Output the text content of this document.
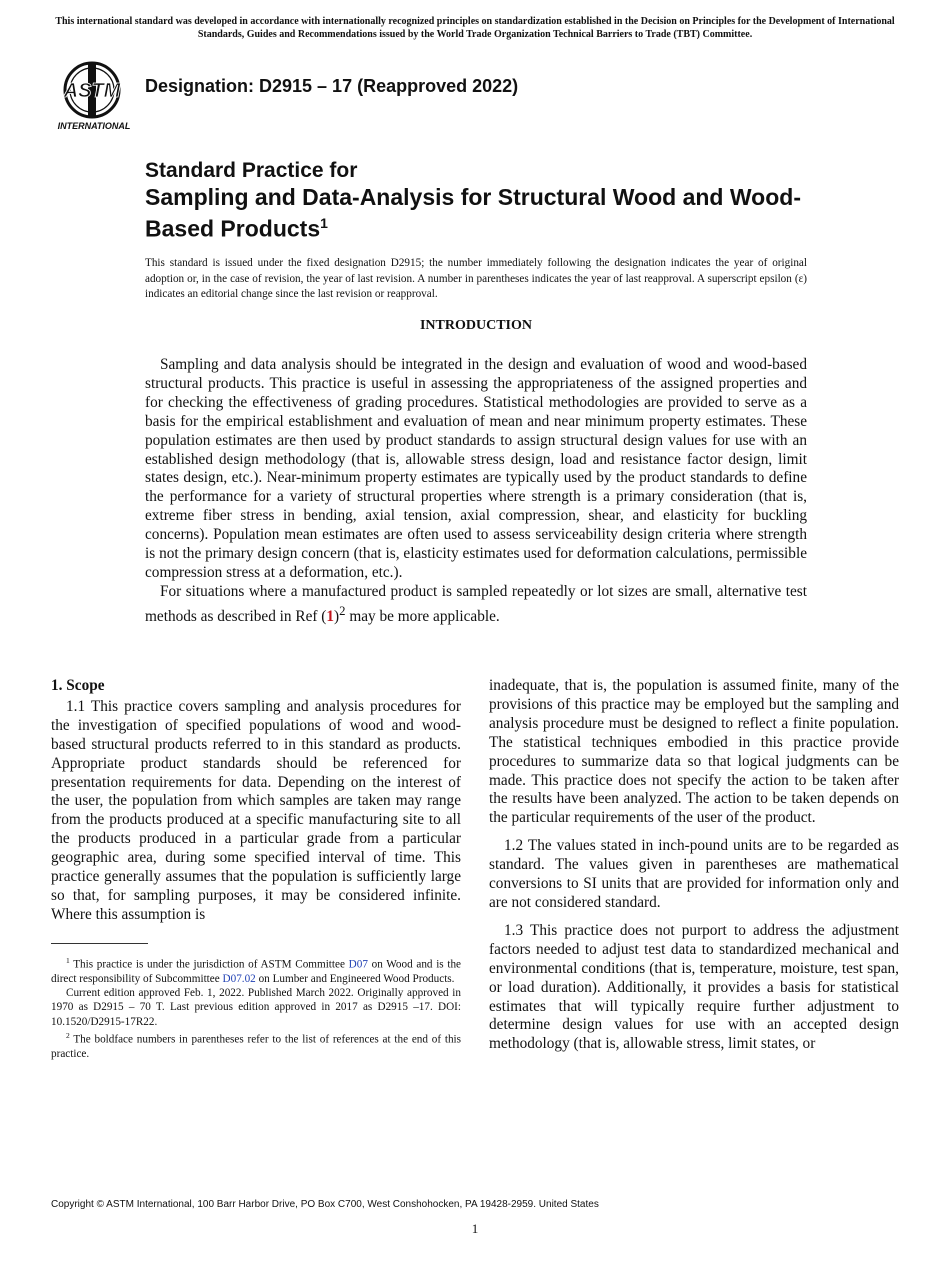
This international standard was developed in accordance with internationally recognized principles on standardization established in the Decision on Principles for the Development of International Standards, Guides and Recommendations issued by the World Trade Organization Technical Barriers to Trade (TBT) Committee.
ASTM
INTERNATIONAL
Designation: D2915 – 17 (Reapproved 2022)
Standard Practice for
Sampling and Data-Analysis for Structural Wood and Wood-Based Products$^1$
This standard is issued under the fixed designation D2915; the number immediately following the designation indicates the year of original adoption or, in the case of revision, the year of last revision. A number in parentheses indicates the year of last reapproval. A superscript epsilon (ε) indicates an editorial change since the last revision or reapproval.
INTRODUCTION

Sampling and data analysis should be integrated in the design and evaluation of wood and wood-based structural products. This practice is useful in assessing the appropriateness of the assigned properties and for checking the effectiveness of grading procedures. Statistical methodologies are provided to serve as a basis for the empirical establishment and evaluation of mean and near minimum property estimates. These population estimates are then used by product standards to assign structural design values for use with an established design methodology (that is, allowable stress design, load and resistance factor design, limit states design, etc.). Near-minimum property estimates are typically used by the product standards to define the performance for a variety of structural properties where strength is a primary consideration (that is, extreme fiber stress in bending, axial tension, axial compression, shear, and elasticity for buckling concerns). Population mean estimates are often used to assess serviceability design criteria where strength is not the primary design concern (that is, elasticity estimates used for deformation calculations, permissible compression stress at a deformation, etc.).

For situations where a manufactured product is sampled repeatedly or lot sizes are small, alternative test methods as described in Ref $(1)^2$ may be more applicable.

1. Scope

1.1 This practice covers sampling and analysis procedures for the investigation of specified populations of wood and wood-based structural products referred to in this standard as products. Appropriate product standards should be referenced for presentation requirements for data. Depending on the interest of the user, the population from which samples are taken may range from the products produced at a specific manufacturing site to all the products produced in a particular grade from a particular geographic area, during some specified interval of time. This practice generally assumes that the population is sufficiently large so that, for sampling purposes, it may be considered infinite. Where this assumption is

inadequate, that is, the population is assumed finite, many of the provisions of this practice may be employed but the sampling and analysis procedure must be designed to reflect a finite population. The statistical techniques embodied in this practice provide procedures to summarize data so that logical judgments can be made. This practice does not specify the action to be taken after the results have been analyzed. The action to be taken depends on the particular requirements of the user of the product.

1.2 The values stated in inch-pound units are to be regarded as standard. The values given in parentheses are mathematical conversions to SI units that are provided for information only and are not considered standard.

1.3 This practice does not purport to address the adjustment factors needed to adjust test data to standardized mechanical and environmental conditions (that is, temperature, moisture, test span, or load duration). Additionally, it provides a basis for statistical estimates that will typically require further adjustment to determine design values for use with an accepted design methodology (that is, allowable stress, limit states, or

$^1$ This practice is under the jurisdiction of ASTM Committee D07 on Wood and is the direct responsibility of Subcommittee D07.02 on Lumber and Engineered Wood Products.

Current edition approved Feb. 1, 2022. Published March 2022. Originally approved in 1970 as D2915 – 70 T. Last previous edition approved in 2017 as D2915 –17. DOI: 10.1520/D2915-17R22.

$^2$ The boldface numbers in parentheses refer to the list of references at the end of this practice.

Copyright © ASTM International, 100 Barr Harbor Drive, PO Box C700, West Conshohocken, PA 19428-2959. United States
1
